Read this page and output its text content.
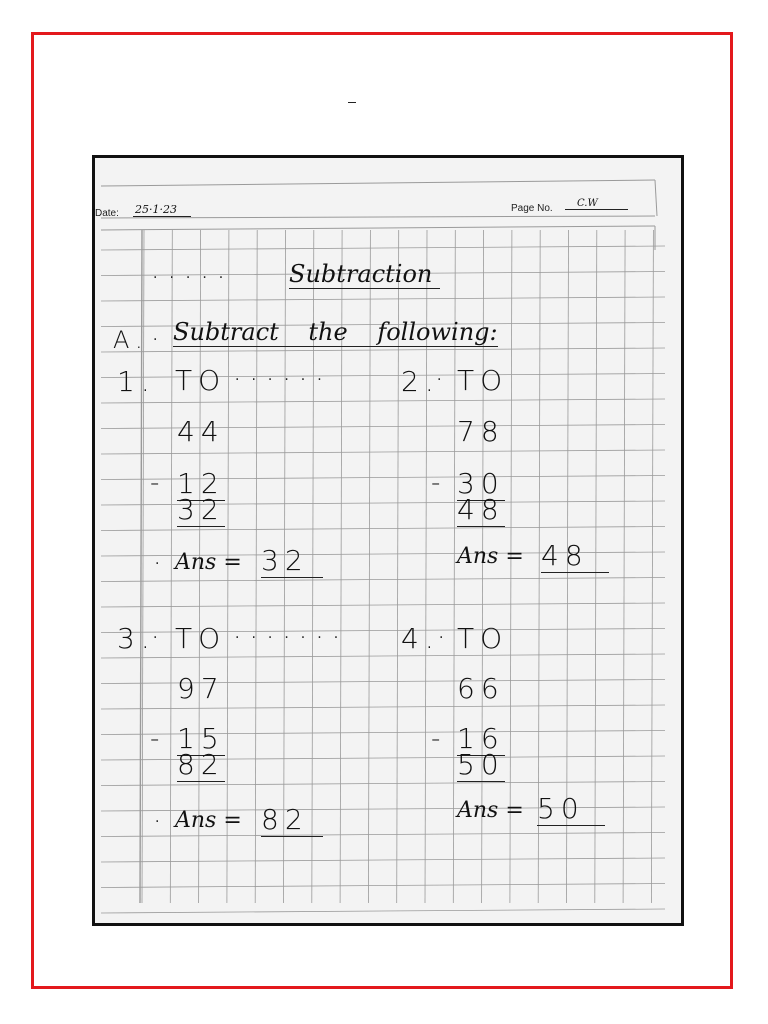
Date: 25·1·23	Page No.	C.W
····· Subtraction
A. · Subtract the following:
1. TO ······
44
- 12
32
· Ans = 32
2.
· TO
78
- 30
48
Ans = 48
3.
· TO ·······
97
- 15
82
· Ans = 82
4. · TO
66
- 16
50
Ans = 50
